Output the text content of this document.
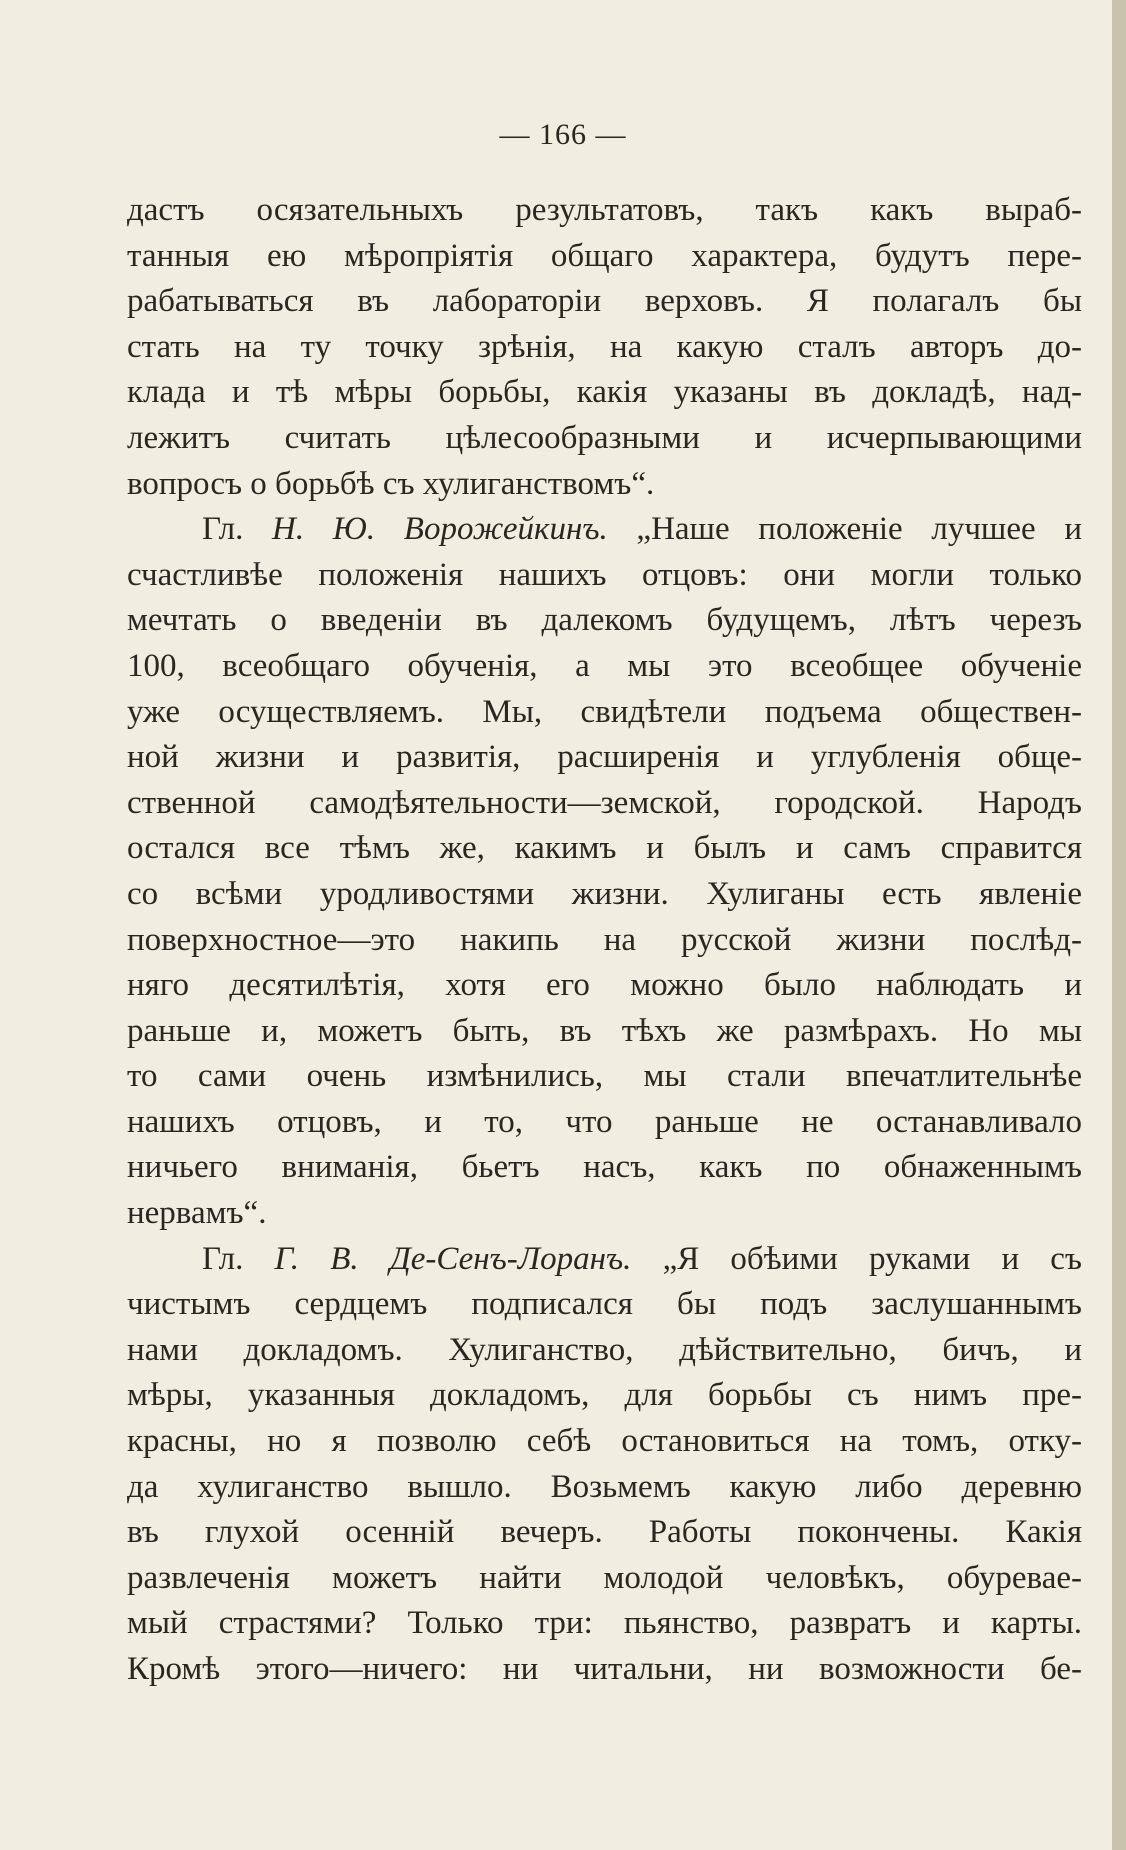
— 166 —
дастъ осязательныхъ результатовъ, такъ какъ выраб-
танныя ею мѣропріятія общаго характера, будутъ пере-
рабатываться въ лабораторіи верховъ. Я полагалъ бы
стать на ту точку зрѣнія, на какую сталъ авторъ до-
клада и тѣ мѣры борьбы, какія указаны въ докладѣ, над-
лежитъ считать цѣлесообразными и исчерпывающими
вопросъ о борьбѣ съ хулиганствомъ“.
Гл. Н. Ю. Ворожейкинъ. „Наше положеніе лучшее и
счастливѣе положенія нашихъ отцовъ: они могли только
мечтать о введеніи въ далекомъ будущемъ, лѣтъ черезъ
100, всеобщаго обученія, а мы это всеобщее обученіе
уже осуществляемъ. Мы, свидѣтели подъема обществен-
ной жизни и развитія, расширенія и углубленія обще-
ственной самодѣятельности—земской, городской. Народъ
остался все тѣмъ же, какимъ и былъ и самъ справится
со всѣми уродливостями жизни. Хулиганы есть явленіе
поверхностное—это накипь на русской жизни послѣд-
няго десятилѣтія, хотя его можно было наблюдать и
раньше и, можетъ быть, въ тѣхъ же размѣрахъ. Но мы
то сами очень измѣнились, мы стали впечатлительнѣе
нашихъ отцовъ, и то, что раньше не останавливало
ничьего вниманія, бьетъ насъ, какъ по обнаженнымъ
нервамъ“.
Гл. Г. В. Де-Сенъ-Лоранъ. „Я обѣими руками и съ
чистымъ сердцемъ подписался бы подъ заслушаннымъ
нами докладомъ. Хулиганство, дѣйствительно, бичъ, и
мѣры, указанныя докладомъ, для борьбы съ нимъ пре-
красны, но я позволю себѣ остановиться на томъ, отку-
да хулиганство вышло. Возьмемъ какую либо деревню
въ глухой осенній вечеръ. Работы покончены. Какія
развлеченія можетъ найти молодой человѣкъ, обуреваe-
мый страстями? Только три: пьянство, развратъ и карты.
Кромѣ этого—ничего: ни читальни, ни возможности бе-
